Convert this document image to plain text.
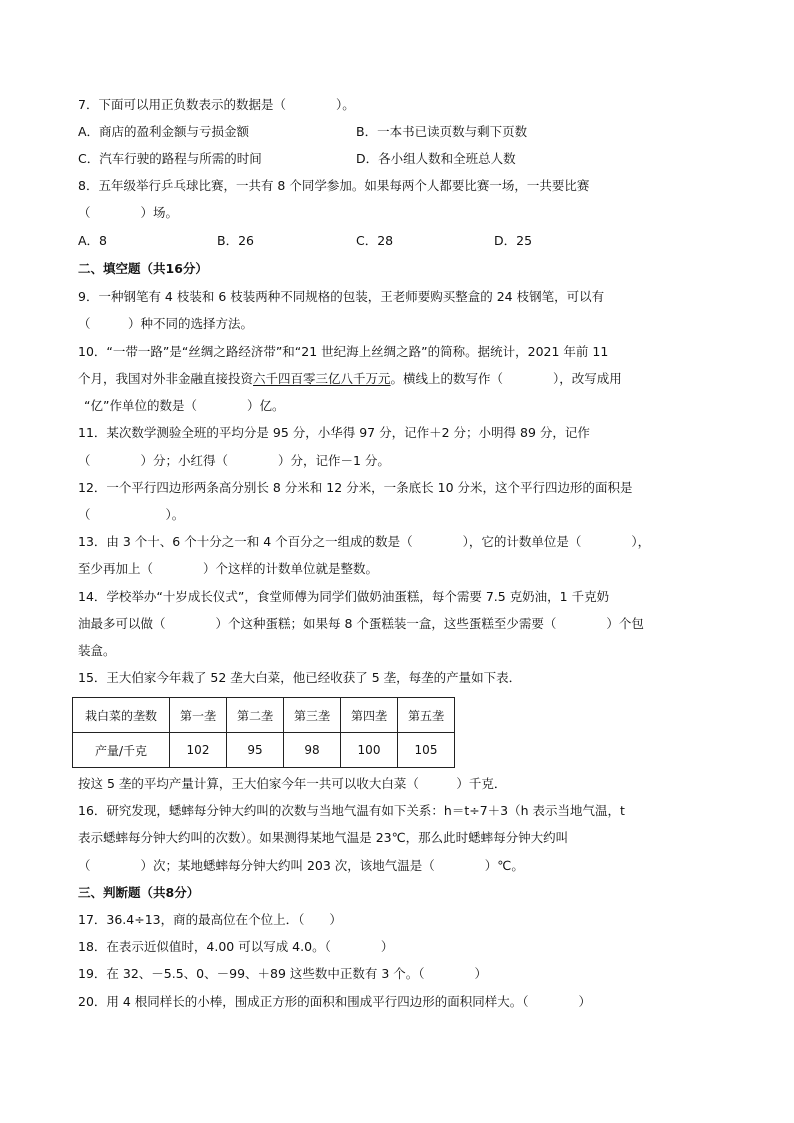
7．下面可以用正负数表示的数据是（　　　　）。

A．商店的盈利金额与亏损金额	B．一本书已读页数与剩下页数
C．汽车行驶的路程与所需的时间	D．各小组人数和全班总人数

8．五年级举行乒乓球比赛，一共有 8 个同学参加。如果每两个人都要比赛一场，一共要比赛

（　　　　）场。

A．8	B．26	C．28	D．25

二、填空题（共16分）

9．一种钢笔有 4 枝装和 6 枝装两种不同规格的包装，王老师要购买整盒的 24 枝钢笔，可以有

（　　　）种不同的选择方法。

10．“一带一路”是“丝绸之路经济带”和“21 世纪海上丝绸之路”的简称。据统计，2021 年前 11

个月，我国对外非金融直接投资六千四百零三亿八千万元。横线上的数写作（　　　　），改写成用

“亿”作单位的数是（　　　　）亿。

11．某次数学测验全班的平均分是 95 分，小华得 97 分，记作＋2 分；小明得 89 分，记作

（　　　　）分；小红得（　　　　）分，记作－1 分。

12．一个平行四边形两条高分别长 8 分米和 12 分米，一条底长 10 分米，这个平行四边形的面积是

（　　　　　　）。

13．由 3 个十、6 个十分之一和 4 个百分之一组成的数是（　　　　），它的计数单位是（　　　　），

至少再加上（　　　　）个这样的计数单位就是整数。

14．学校举办“十岁成长仪式”，食堂师傅为同学们做奶油蛋糕，每个需要 7.5 克奶油，1 千克奶

油最多可以做（　　　　）个这种蛋糕；如果每 8 个蛋糕装一盒，这些蛋糕至少需要（　　　　）个包

装盒。

15．王大伯家今年栽了 52 垄大白菜，他已经收获了 5 垄，每垄的产量如下表．

栽白菜的垄数	第一垄	第二垄	第三垄	第四垄	第五垄
产量/千克	102	95	98	100	105

按这 5 垄的平均产量计算，王大伯家今年一共可以收大白菜（　　　）千克．

16．研究发现，蟋蟀每分钟大约叫的次数与当地气温有如下关系：h＝t÷7＋3（h 表示当地气温，t

表示蟋蟀每分钟大约叫的次数）。如果测得某地气温是 23℃，那么此时蟋蟀每分钟大约叫

（　　　　）次；某地蟋蟀每分钟大约叫 203 次，该地气温是（　　　　）℃。

三、判断题（共8分）

17．36.4÷13，商的最高位在个位上．（　　）

18．在表示近似值时，4.00 可以写成 4.0。（　　　　）

19．在 32、－5.5、0、－99、＋89 这些数中正数有 3 个。（　　　　）

20．用 4 根同样长的小棒，围成正方形的面积和围成平行四边形的面积同样大。（　　　　）
